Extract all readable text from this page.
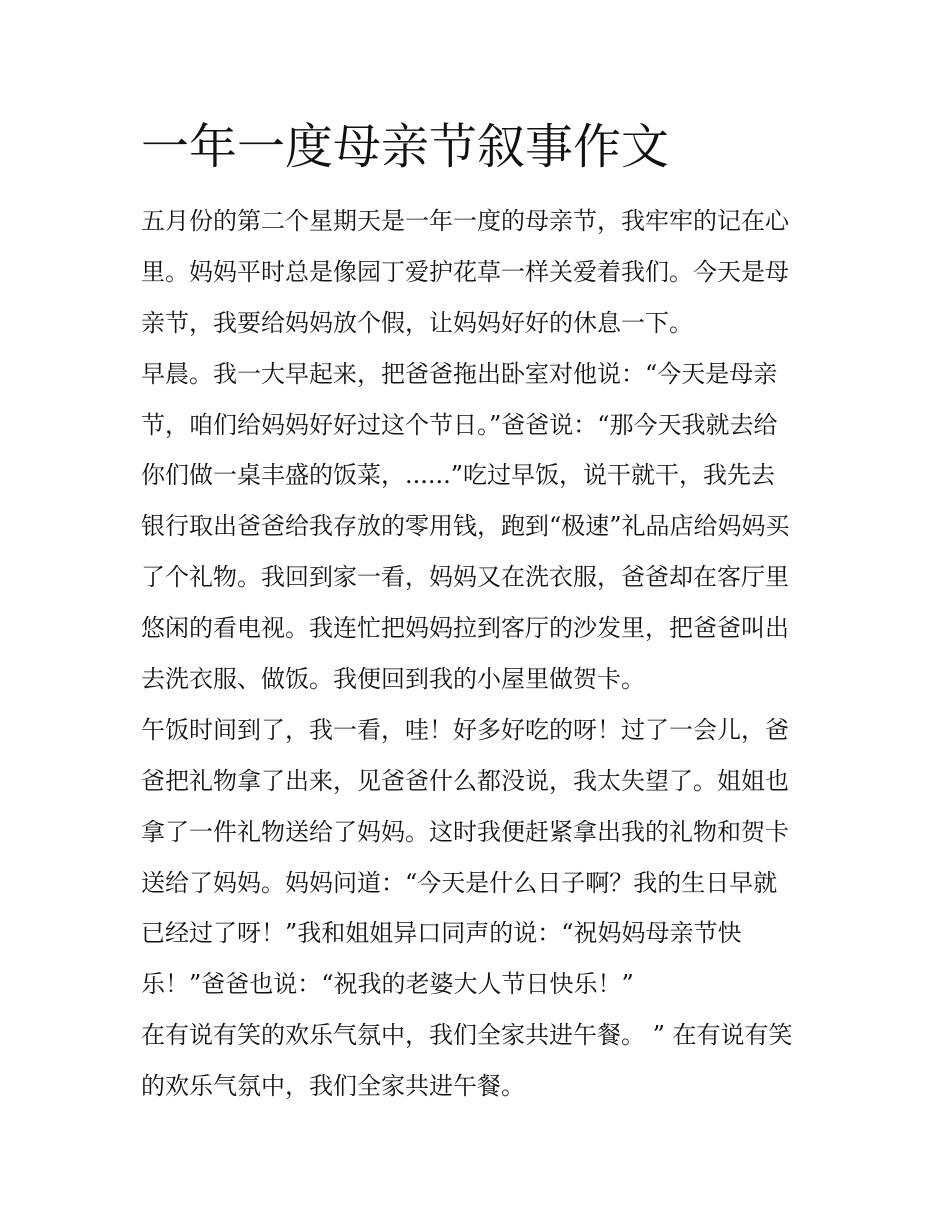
一年一度母亲节叙事作文
五月份的第二个星期天是一年一度的母亲节，我牢牢的记在心
里。妈妈平时总是像园丁爱护花草一样关爱着我们。今天是母
亲节，我要给妈妈放个假，让妈妈好好的休息一下。
早晨。我一大早起来，把爸爸拖出卧室对他说：“今天是母亲
节，咱们给妈妈好好过这个节日。”爸爸说：“那今天我就去给
你们做一桌丰盛的饭菜，......”吃过早饭，说干就干，我先去
银行取出爸爸给我存放的零用钱，跑到“极速”礼品店给妈妈买
了个礼物。我回到家一看，妈妈又在洗衣服，爸爸却在客厅里
悠闲的看电视。我连忙把妈妈拉到客厅的沙发里，把爸爸叫出
去洗衣服、做饭。我便回到我的小屋里做贺卡。
午饭时间到了，我一看，哇！好多好吃的呀！过了一会儿，爸
爸把礼物拿了出来，见爸爸什么都没说，我太失望了。姐姐也
拿了一件礼物送给了妈妈。这时我便赶紧拿出我的礼物和贺卡
送给了妈妈。妈妈问道：“今天是什么日子啊？我的生日早就
已经过了呀！”我和姐姐异口同声的说：“祝妈妈母亲节快
乐！”爸爸也说：“祝我的老婆大人节日快乐！”
在有说有笑的欢乐气氛中，我们全家共进午餐。 ” 在有说有笑
的欢乐气氛中，我们全家共进午餐。
